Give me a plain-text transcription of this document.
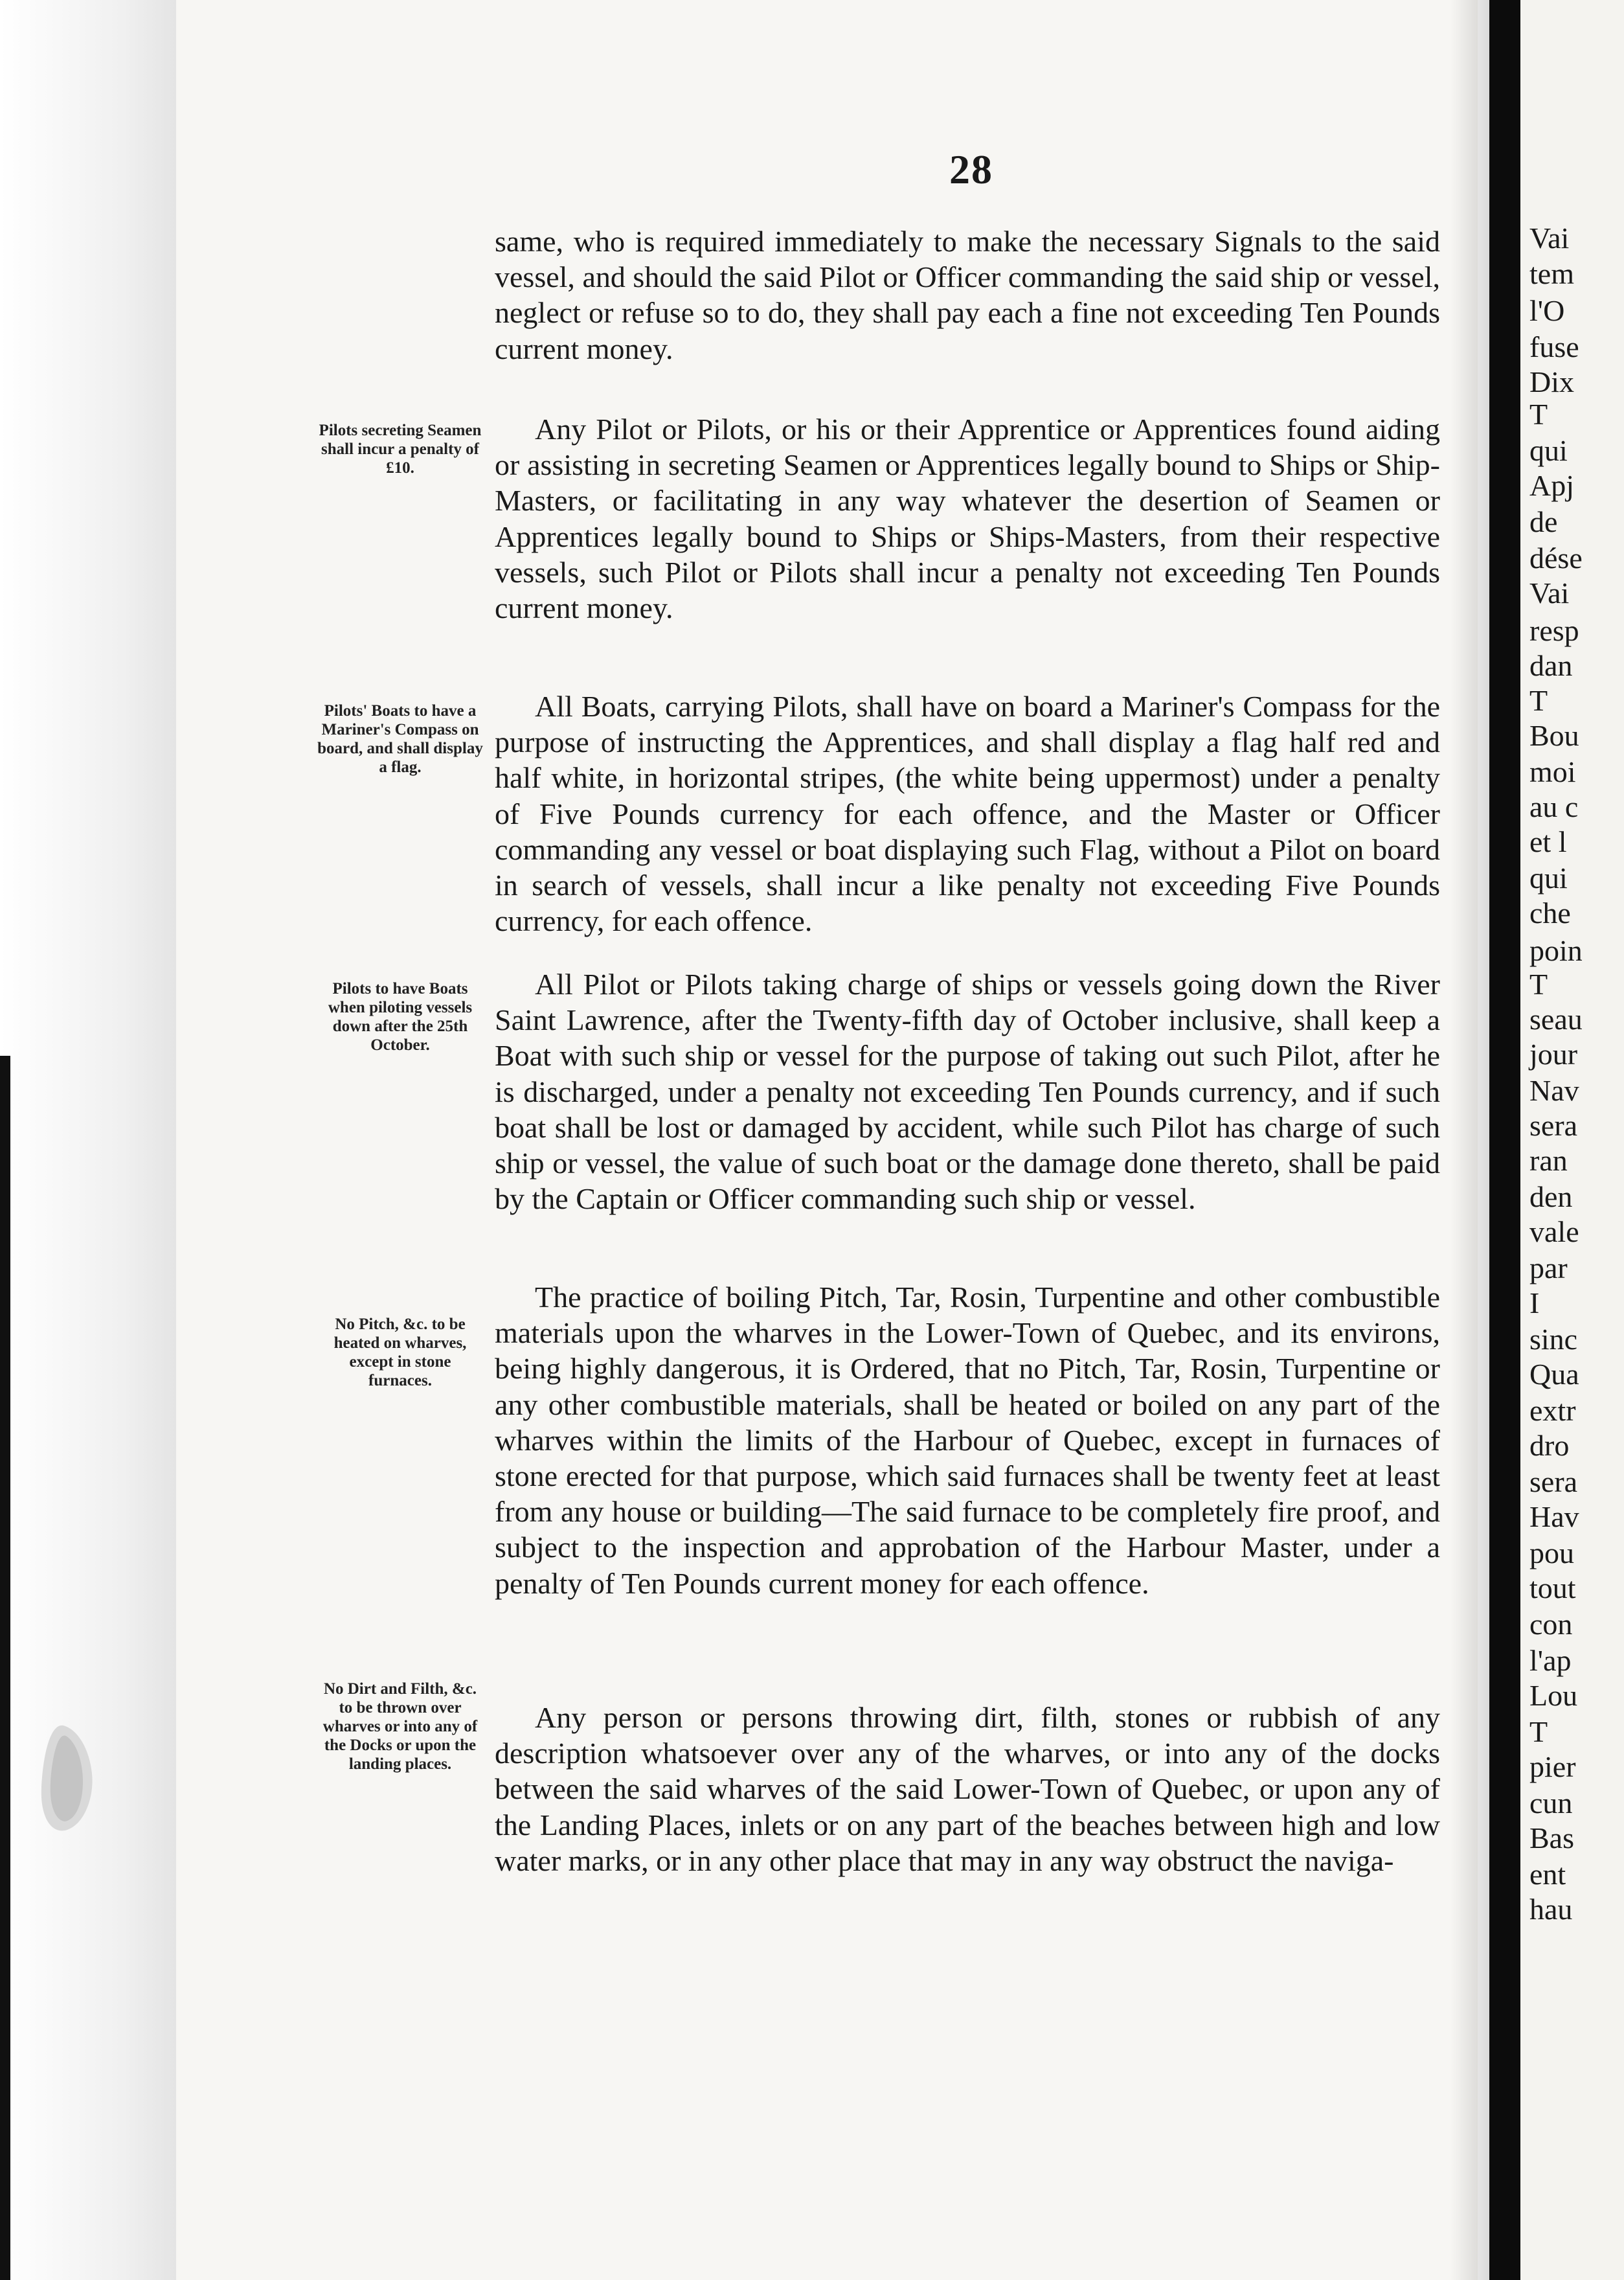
Vai
tem
l'O
fuse
Dix
T
qui
Apj
de
dése
Vai
resp
dan
T
Bou
moi
au c
et l
qui
che
poin
T
seau
jour
Nav
sera
ran
den
vale
par
I
sinc
Qua
extr
dro
sera
Hav
pou
tout
con
l'ap
Lou
T
pier
cun
Bas
ent
hau
28

same, who is required immediately to make the necessary Signals to the said vessel, and should the said Pilot or Officer commanding the said ship or vessel, neglect or refuse so to do, they shall pay each a fine not exceeding Ten Pounds current money.

Any Pilot or Pilots, or his or their Apprentice or Apprentices found aiding or assisting in secreting Seamen or Apprentices legally bound to Ships or Ship-Masters, or facilitating in any way whatever the desertion of Seamen or Apprentices legally bound to Ships or Ships-Masters, from their respective vessels, such Pilot or Pilots shall incur a penalty not exceeding Ten Pounds current money.

All Boats, carrying Pilots, shall have on board a Mariner's Compass for the purpose of instructing the Apprentices, and shall display a flag half red and half white, in horizontal stripes, (the white being uppermost) under a penalty of Five Pounds currency for each offence, and the Master or Officer commanding any vessel or boat displaying such Flag, without a Pilot on board in search of vessels, shall incur a like penalty not exceeding Five Pounds currency, for each offence.

All Pilot or Pilots taking charge of ships or vessels going down the River Saint Lawrence, after the Twenty-fifth day of October inclusive, shall keep a Boat with such ship or vessel for the purpose of taking out such Pilot, after he is discharged, under a penalty not exceeding Ten Pounds currency, and if such boat shall be lost or damaged by accident, while such Pilot has charge of such ship or vessel, the value of such boat or the damage done thereto, shall be paid by the Captain or Officer commanding such ship or vessel.

The practice of boiling Pitch, Tar, Rosin, Turpentine and other combustible materials upon the wharves in the Lower-Town of Quebec, and its environs, being highly dangerous, it is Ordered, that no Pitch, Tar, Rosin, Turpentine or any other combustible materials, shall be heated or boiled on any part of the wharves within the limits of the Harbour of Quebec, except in furnaces of stone erected for that purpose, which said furnaces shall be twenty feet at least from any house or building—The said furnace to be completely fire proof, and subject to the inspection and approbation of the Harbour Master, under a penalty of Ten Pounds current money for each offence.

Any person or persons throwing dirt, filth, stones or rubbish of any description whatsoever over any of the wharves, or into any of the docks between the said wharves of the said Lower-Town of Quebec, or upon any of the Landing Places, inlets or on any part of the beaches between high and low water marks, or in any other place that may in any way obstruct the naviga-

Pilots secreting Seamen shall incur a penalty of £10.

Pilots' Boats to have a Mariner's Compass on board, and shall display a flag.

Pilots to have Boats when piloting vessels down after the 25th October.

No Pitch, &c. to be heated on wharves, except in stone furnaces.

No Dirt and Filth, &c. to be thrown over wharves or into any of the Docks or upon the landing places.
